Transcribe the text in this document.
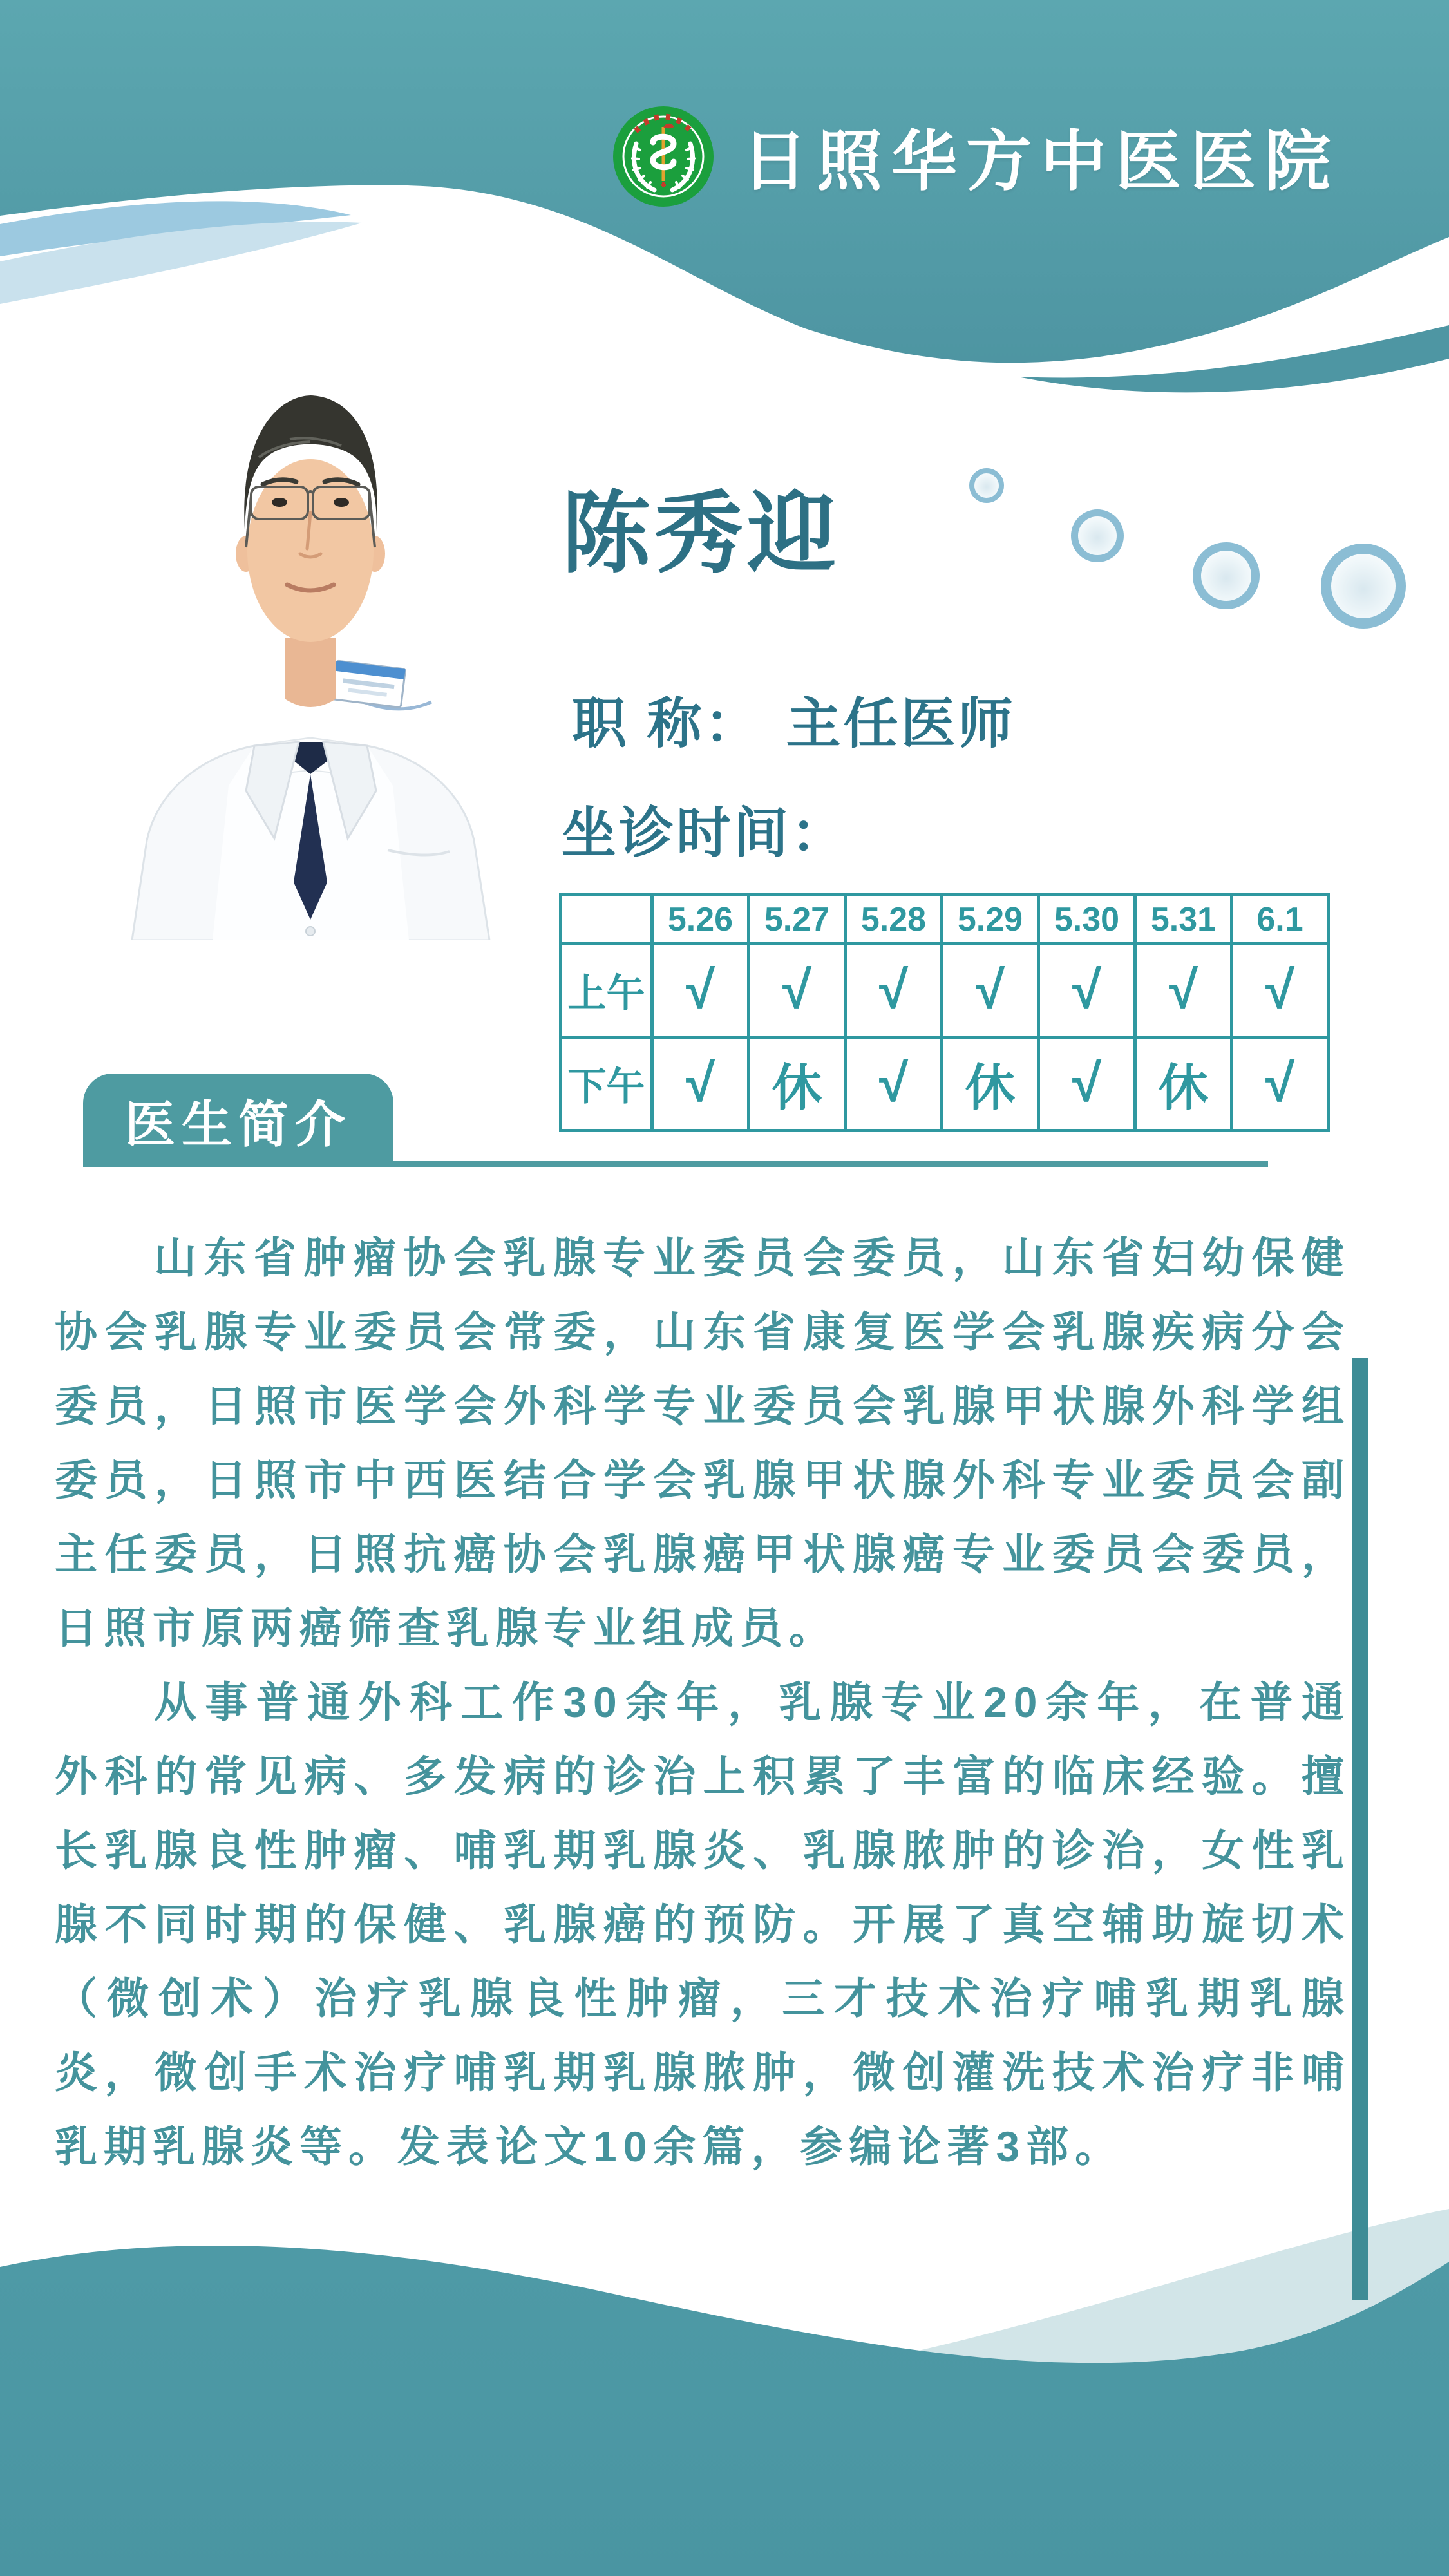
日照华方中医医院
陈秀迎
职 称： 主任医师
坐诊时间：
	5.26	5.27	5.28	5.29	5.30	5.31	6.1
上午	√	√	√	√	√	√	√
下午	√	休	√	休	√	休	√
医生简介

山东省肿瘤协会乳腺专业委员会委员，山东省妇幼保健协会乳腺专业委员会常委，山东省康复医学会乳腺疾病分会委员，日照市医学会外科学专业委员会乳腺甲状腺外科学组委员，日照市中西医结合学会乳腺甲状腺外科专业委员会副主任委员，日照抗癌协会乳腺癌甲状腺癌专业委员会委员，日照市原两癌筛查乳腺专业组成员。

从事普通外科工作30余年，乳腺专业20余年，在普通外科的常见病、多发病的诊治上积累了丰富的临床经验。擅长乳腺良性肿瘤、哺乳期乳腺炎、乳腺脓肿的诊治，女性乳腺不同时期的保健、乳腺癌的预防。开展了真空辅助旋切术（微创术）治疗乳腺良性肿瘤，三才技术治疗哺乳期乳腺炎，微创手术治疗哺乳期乳腺脓肿，微创灌洗技术治疗非哺乳期乳腺炎等。发表论文10余篇，参编论著3部。
